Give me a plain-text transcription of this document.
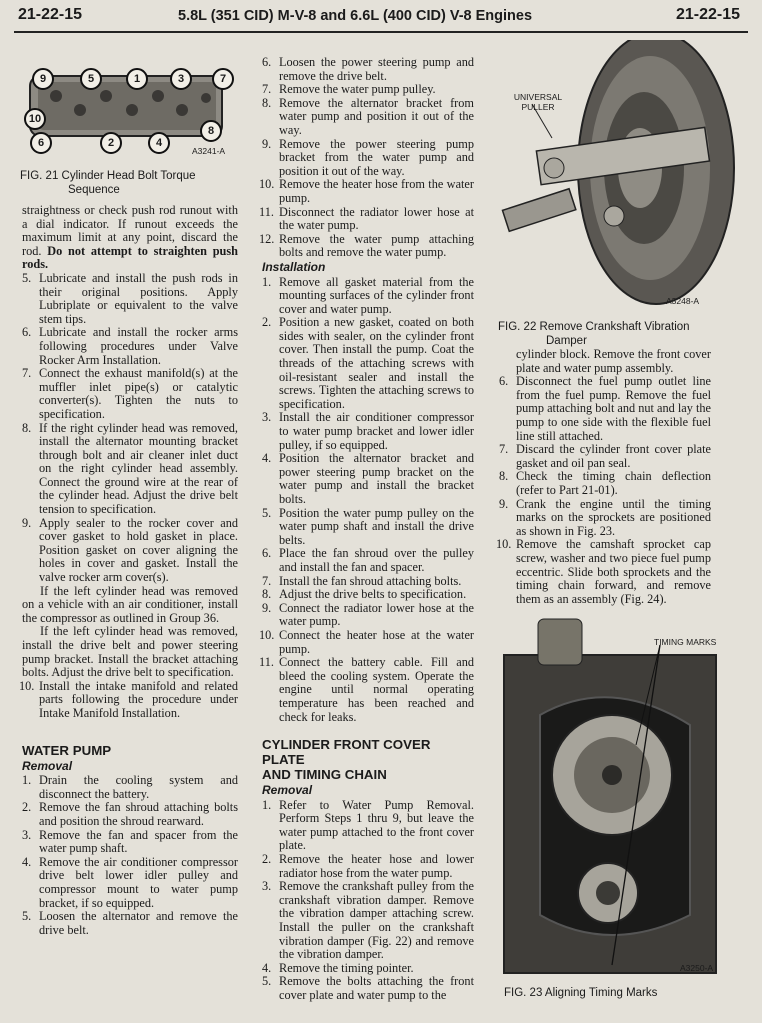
21-22-15	5.8L (351 CID) M-V-8 and 6.6L (400 CID) V-8 Engines	21-22-15
9	5	1	3	7
10
8
6	2	4
A3241-A
FIG. 21 Cylinder Head Bolt Torque
Sequence
UNIVERSAL
PULLER
A3248-A
FIG. 22 Remove Crankshaft Vibration
Damper
TIMING MARKS
A3250-A
FIG. 23 Aligning Timing Marks
straightness or check push rod runout with a dial indicator. If runout exceeds the maximum limit at any point, discard the rod. Do not attempt to straighten push rods.
5. Lubricate and install the push rods in their original positions. Apply Lubriplate or equivalent to the valve stem tips.
6. Lubricate and install the rocker arms following procedures under Valve Rocker Arm Installation.
7. Connect the exhaust manifold(s) at the muffler inlet pipe(s) or catalytic converter(s). Tighten the nuts to specification.
8. If the right cylinder head was removed, install the alternator mounting bracket through bolt and air cleaner inlet duct on the right cylinder head assembly. Connect the ground wire at the rear of the cylinder head. Adjust the drive belt tension to specification.
9. Apply sealer to the rocker cover and cover gasket to hold gasket in place. Position gasket on cover aligning the holes in cover and gasket. Install the valve rocker arm cover(s).
If the left cylinder head was removed on a vehicle with an air conditioner, install the compressor as outlined in Group 36.
If the left cylinder head was removed, install the drive belt and power steering pump bracket. Install the bracket attaching bolts. Adjust the drive belt to specification.
10. Install the intake manifold and related parts following the procedure under Intake Manifold Installation.
WATER PUMP
Removal
1. Drain the cooling system and disconnect the battery.
2. Remove the fan shroud attaching bolts and position the shroud rearward.
3. Remove the fan and spacer from the water pump shaft.
4. Remove the air conditioner compressor drive belt lower idler pulley and compressor mount to water pump bracket, if so equipped.
5. Loosen the alternator and remove the drive belt.
6. Loosen the power steering pump and remove the drive belt.
7. Remove the water pump pulley.
8. Remove the alternator bracket from water pump and position it out of the way.
9. Remove the power steering pump bracket from the water pump and position it out of the way.
10. Remove the heater hose from the water pump.
11. Disconnect the radiator lower hose at the water pump.
12. Remove the water pump attaching bolts and remove the water pump.
Installation
1. Remove all gasket material from the mounting surfaces of the cylinder front cover and water pump.
2. Position a new gasket, coated on both sides with sealer, on the cylinder front cover. Then install the pump. Coat the threads of the attaching screws with oil-resistant sealer and install the screws. Tighten the attaching screws to specification.
3. Install the air conditioner compressor to water pump bracket and lower idler pulley, if so equipped.
4. Position the alternator bracket and power steering pump bracket on the water pump and install the bracket bolts.
5. Position the water pump pulley on the water pump shaft and install the drive belts.
6. Place the fan shroud over the pulley and install the fan and spacer.
7. Install the fan shroud attaching bolts.
8. Adjust the drive belts to specification.
9. Connect the radiator lower hose at the water pump.
10. Connect the heater hose at the water pump.
11. Connect the battery cable. Fill and bleed the cooling system. Operate the engine until normal operating temperature has been reached and check for leaks.
CYLINDER FRONT COVER PLATE
AND TIMING CHAIN
Removal
1. Refer to Water Pump Removal. Perform Steps 1 thru 9, but leave the water pump attached to the front cover plate.
2. Remove the heater hose and lower radiator hose from the water pump.
3. Remove the crankshaft pulley from the crankshaft vibration damper. Remove the vibration damper attaching screw. Install the puller on the crankshaft vibration damper (Fig. 22) and remove the vibration damper.
4. Remove the timing pointer.
5. Remove the bolts attaching the front cover plate and water pump to the
cylinder block. Remove the front cover plate and water pump assembly.
6. Disconnect the fuel pump outlet line from the fuel pump. Remove the fuel pump attaching bolt and nut and lay the pump to one side with the flexible fuel line still attached.
7. Discard the cylinder front cover plate gasket and oil pan seal.
8. Check the timing chain deflection (refer to Part 21-01).
9. Crank the engine until the timing marks on the sprockets are positioned as shown in Fig. 23.
10. Remove the camshaft sprocket cap screw, washer and two piece fuel pump eccentric. Slide both sprockets and the timing chain forward, and remove them as an assembly (Fig. 24).
